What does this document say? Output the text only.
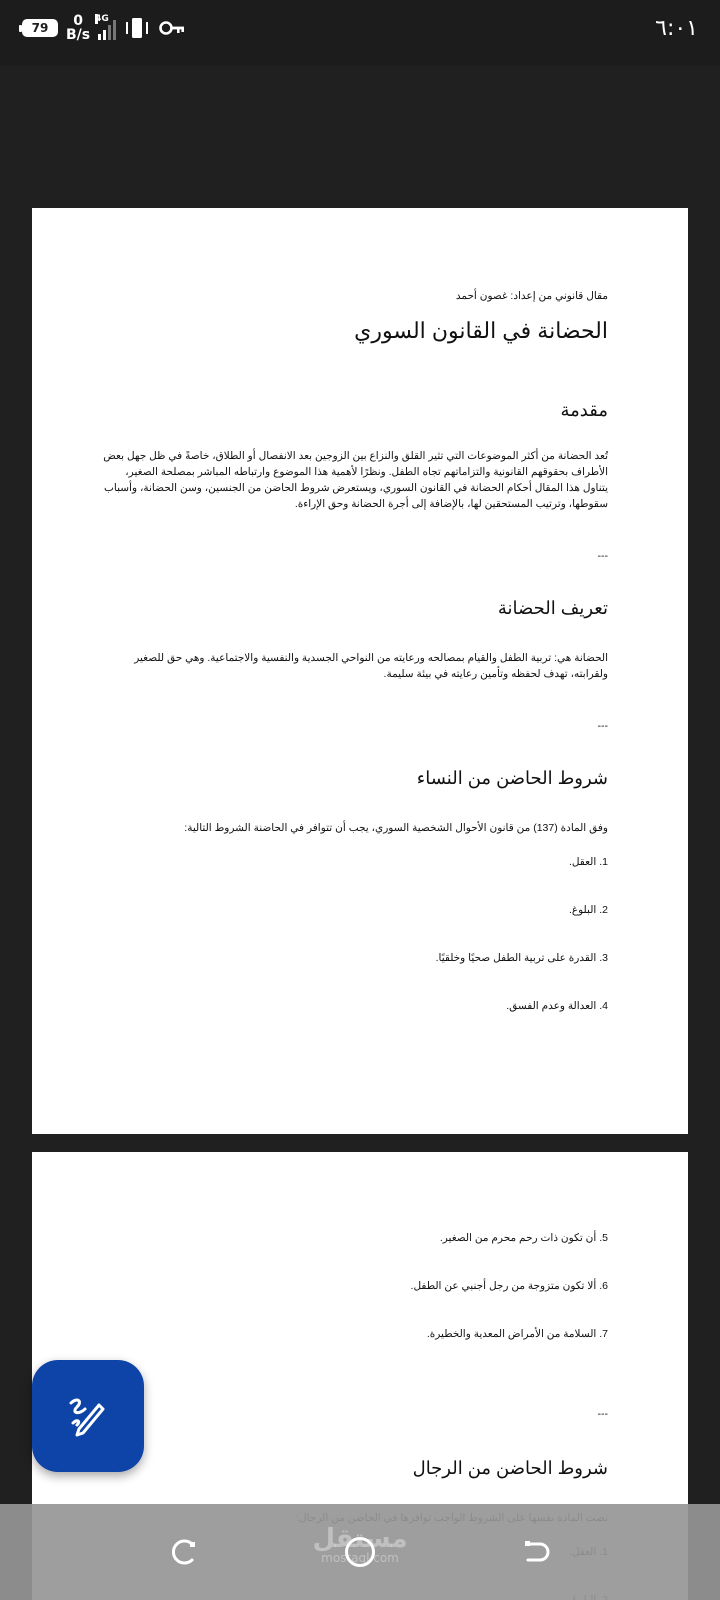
79 0
B/s
4G	٦:٠١

مقال قانوني من إعداد: غصون أحمد

الحضانة في القانون السوري

مقدمة

تُعد الحضانة من أكثر الموضوعات التي تثير القلق والنزاع بين الزوجين بعد الانفصال أو الطلاق، خاصةً في ظل جهل بعض الأطراف بحقوقهم القانونية والتزاماتهم تجاه الطفل. ونظرًا لأهمية هذا الموضوع وارتباطه المباشر بمصلحة الصغير، يتناول هذا المقال أحكام الحضانة في القانون السوري، ويستعرض شروط الحاضن من الجنسين، وسن الحضانة، وأسباب سقوطها، وترتيب المستحقين لها، بالإضافة إلى أجرة الحضانة وحق الإراءة.

---

تعريف الحضانة

الحضانة هي: تربية الطفل والقيام بمصالحه ورعايته من النواحي الجسدية والنفسية والاجتماعية. وهي حق للصغير ولقرابته، تهدف لحفظه وتأمين رعايته في بيئة سليمة.

---

شروط الحاضن من النساء

وفق المادة (137) من قانون الأحوال الشخصية السوري، يجب أن تتوافر في الحاضنة الشروط التالية:

1. العقل.

2. البلوغ.

3. القدرة على تربية الطفل صحيًا وخلقيًا.

4. العدالة وعدم الفسق.

5. أن تكون ذات رحم محرم من الصغير.

6. ألا تكون متزوجة من رجل أجنبي عن الطفل.

7. السلامة من الأمراض المعدية والخطيرة.

---

شروط الحاضن من الرجال

مستقل
mostaql.com
